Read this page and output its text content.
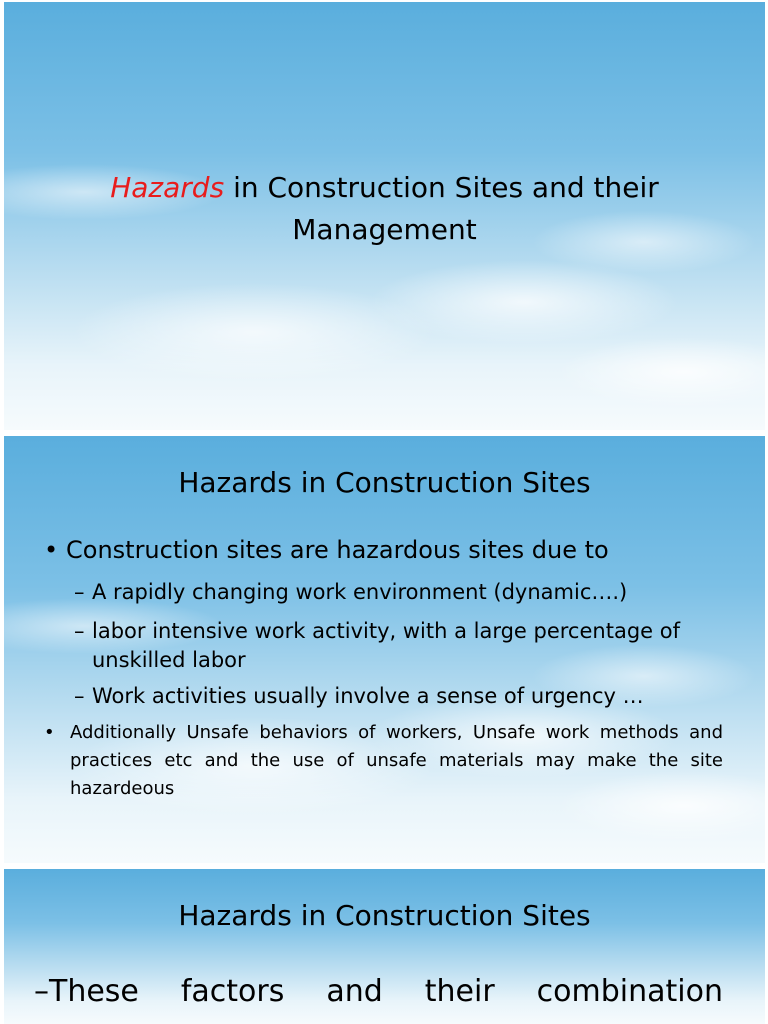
Hazards in Construction Sites and their
Management
Hazards in Construction Sites
• Construction sites are hazardous sites due to
– A rapidly changing work environment (dynamic….)
– labor intensive work activity, with a large percentage of
unskilled labor
– Work activities usually involve a sense of urgency …
• Additionally Unsafe behaviors of workers, Unsafe work methods and practices etc and the use of unsafe materials may make the site hazardeous
Hazards in Construction Sites
–These factors and their combination
